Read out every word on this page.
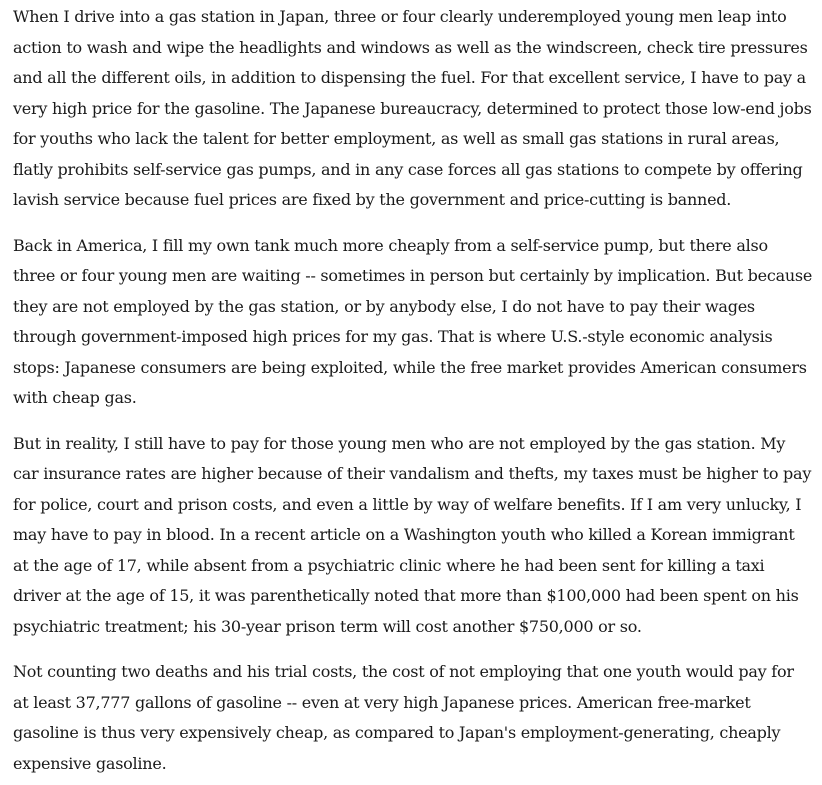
When I drive into a gas station in Japan, three or four clearly underemployed young men leap into action to wash and wipe the headlights and windows as well as the windscreen, check tire pressures and all the different oils, in addition to dispensing the fuel. For that excellent service, I have to pay a very high price for the gasoline. The Japanese bureaucracy, determined to protect those low-end jobs for youths who lack the talent for better employment, as well as small gas stations in rural areas, flatly prohibits self-service gas pumps, and in any case forces all gas stations to compete by offering lavish service because fuel prices are fixed by the government and price-cutting is banned.

Back in America, I fill my own tank much more cheaply from a self-service pump, but there also three or four young men are waiting -- sometimes in person but certainly by implication. But because they are not employed by the gas station, or by anybody else, I do not have to pay their wages through government-imposed high prices for my gas. That is where U.S.-style economic analysis stops: Japanese consumers are being exploited, while the free market provides American consumers with cheap gas.

But in reality, I still have to pay for those young men who are not employed by the gas station. My car insurance rates are higher because of their vandalism and thefts, my taxes must be higher to pay for police, court and prison costs, and even a little by way of welfare benefits. If I am very unlucky, I may have to pay in blood. In a recent article on a Washington youth who killed a Korean immigrant at the age of 17, while absent from a psychiatric clinic where he had been sent for killing a taxi driver at the age of 15, it was parenthetically noted that more than $100,000 had been spent on his psychiatric treatment; his 30-year prison term will cost another $750,000 or so.

Not counting two deaths and his trial costs, the cost of not employing that one youth would pay for at least 37,777 gallons of gasoline -- even at very high Japanese prices. American free-market gasoline is thus very expensively cheap, as compared to Japan's employment-generating, cheaply expensive gasoline.
